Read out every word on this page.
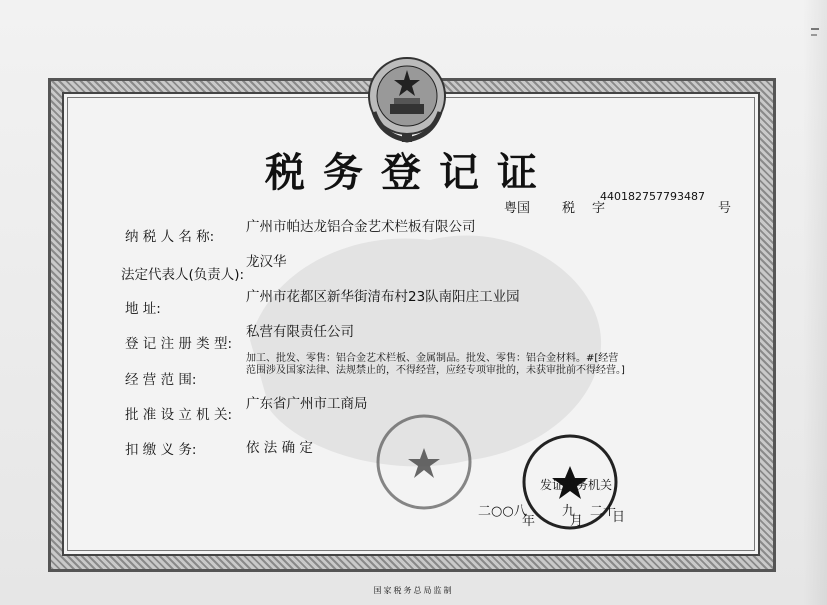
税务登记证
粤国 税 字
440182757793487
号
纳 税 人 名 称:
广州市帕达龙铝合金艺术栏板有限公司
法定代表人(负责人):
龙汉华
地 址:
广州市花都区新华街清布村23队南阳庄工业园
登 记 注 册 类 型:
私营有限责任公司
经 营 范 围:
加工、批发、零售：铝合金艺术栏板、金属制品。批发、零售：铝合金材料。#[经营范围涉及国家法律、法规禁止的，不得经营，应经专项审批的，未获审批前不得经营。]
批 准 设 立 机 关:
广东省广州市工商局
扣 缴 义 务:	依 法 确 定
发证税务机关
二○○八
年
九
月
二十
日
国家税务总局监制
